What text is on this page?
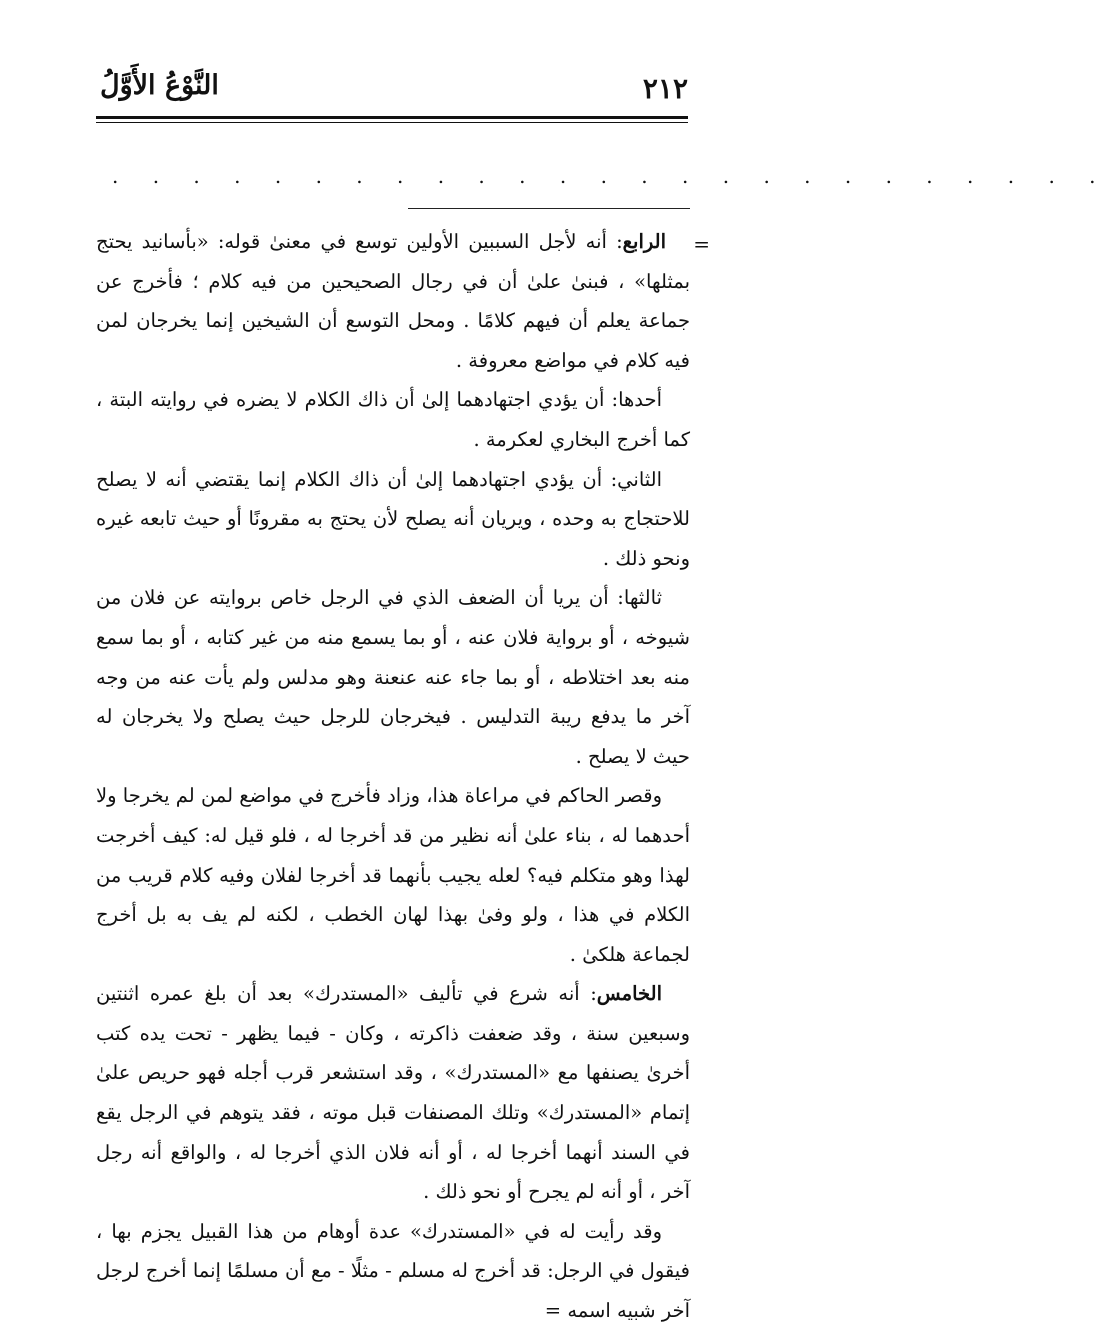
٢١٢
النَّوْعُ الأَوَّلُ
. . . . . . . . . . . . . . . . . . . . . . . . .
=

الرابع: أنه لأجل السببين الأولين توسع في معنىٰ قوله: «بأسانيد يحتج بمثلها» ، فبنىٰ علىٰ أن في رجال الصحيحين من فيه كلام ؛ فأخرج عن جماعة يعلم أن فيهم كلامًا . ومحل التوسع أن الشيخين إنما يخرجان لمن فيه كلام في مواضع معروفة .

أحدها: أن يؤدي اجتهادهما إلىٰ أن ذاك الكلام لا يضره في روايته البتة ، كما أخرج البخاري لعكرمة .

الثاني: أن يؤدي اجتهادهما إلىٰ أن ذاك الكلام إنما يقتضي أنه لا يصلح للاحتجاج به وحده ، ويريان أنه يصلح لأن يحتج به مقرونًا أو حيث تابعه غيره ونحو ذلك .

ثالثها: أن يريا أن الضعف الذي في الرجل خاص بروايته عن فلان من شيوخه ، أو برواية فلان عنه ، أو بما يسمع منه من غير كتابه ، أو بما سمع منه بعد اختلاطه ، أو بما جاء عنه عنعنة وهو مدلس ولم يأت عنه من وجه آخر ما يدفع ريبة التدليس . فيخرجان للرجل حيث يصلح ولا يخرجان له حيث لا يصلح .

وقصر الحاكم في مراعاة هذا، وزاد فأخرج في مواضع لمن لم يخرجا ولا أحدهما له ، بناء علىٰ أنه نظير من قد أخرجا له ، فلو قيل له: كيف أخرجت لهذا وهو متكلم فيه؟ لعله يجيب بأنهما قد أخرجا لفلان وفيه كلام قريب من الكلام في هذا ، ولو وفىٰ بهذا لهان الخطب ، لكنه لم يف به بل أخرج لجماعة هلكىٰ .

الخامس: أنه شرع في تأليف «المستدرك» بعد أن بلغ عمره اثنتين وسبعين سنة ، وقد ضعفت ذاكرته ، وكان - فيما يظهر - تحت يده كتب أخرىٰ يصنفها مع «المستدرك» ، وقد استشعر قرب أجله فهو حريص علىٰ إتمام «المستدرك» وتلك المصنفات قبل موته ، فقد يتوهم في الرجل يقع في السند أنهما أخرجا له ، أو أنه فلان الذي أخرجا له ، والواقع أنه رجل آخر ، أو أنه لم يجرح أو نحو ذلك .

وقد رأيت له في «المستدرك» عدة أوهام من هذا القبيل يجزم بها ، فيقول في الرجل: قد أخرج له مسلم - مثلًا - مع أن مسلمًا إنما أخرج لرجل آخر شبيه اسمه =
